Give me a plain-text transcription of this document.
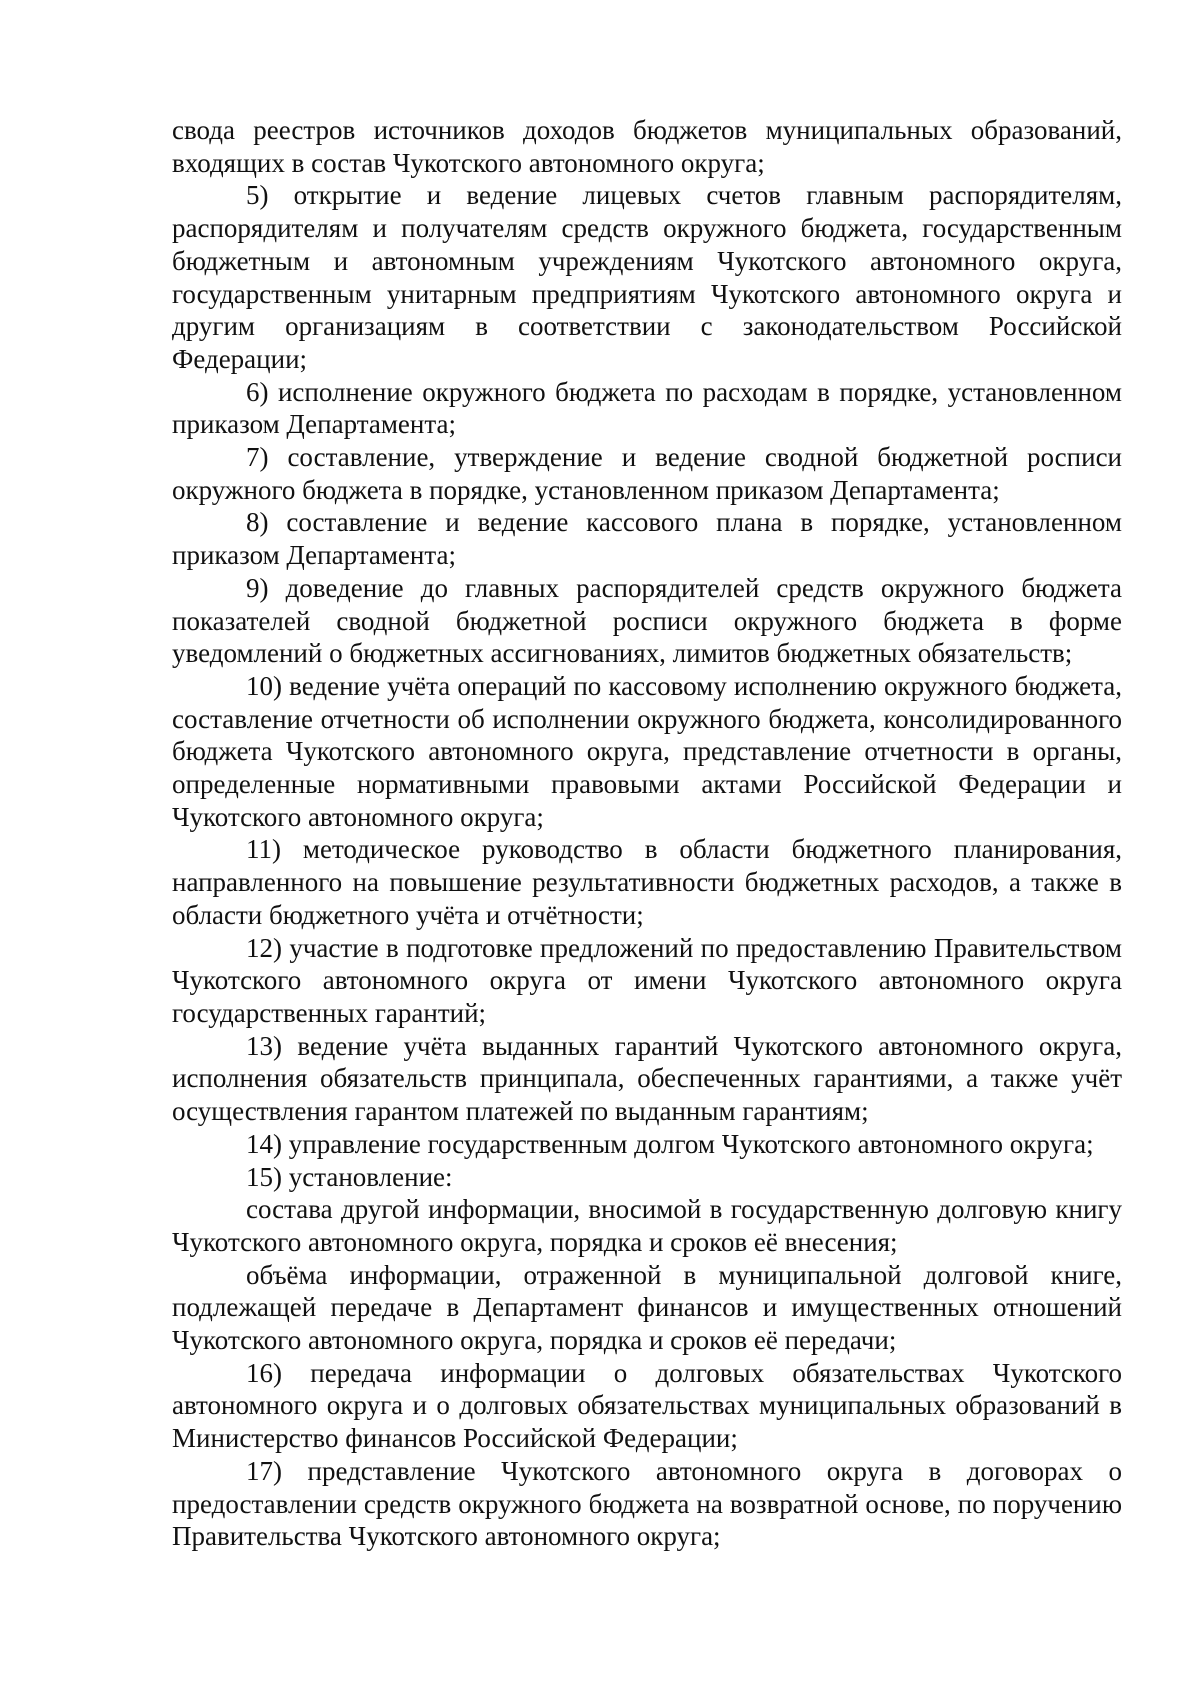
свода реестров источников доходов бюджетов муниципальных образований, входящих в состав Чукотского автономного округа;

5) открытие и ведение лицевых счетов главным распорядителям, распорядителям и получателям средств окружного бюджета, государственным бюджетным и автономным учреждениям Чукотского автономного округа, государственным унитарным предприятиям Чукотского автономного округа и другим организациям в соответствии с законодательством Российской Федерации;

6) исполнение окружного бюджета по расходам в порядке, установленном приказом Департамента;

7) составление, утверждение и ведение сводной бюджетной росписи окружного бюджета в порядке, установленном приказом Департамента;

8) составление и ведение кассового плана в порядке, установленном приказом Департамента;

9) доведение до главных распорядителей средств окружного бюджета показателей сводной бюджетной росписи окружного бюджета в форме уведомлений о бюджетных ассигнованиях, лимитов бюджетных обязательств;

10) ведение учёта операций по кассовому исполнению окружного бюджета, составление отчетности об исполнении окружного бюджета, консолидированного бюджета Чукотского автономного округа, представление отчетности в органы, определенные нормативными правовыми актами Российской Федерации и Чукотского автономного округа;

11) методическое руководство в области бюджетного планирования, направленного на повышение результативности бюджетных расходов, а также в области бюджетного учёта и отчётности;

12) участие в подготовке предложений по предоставлению Правительством Чукотского автономного округа от имени Чукотского автономного округа государственных гарантий;

13) ведение учёта выданных гарантий Чукотского автономного округа, исполнения обязательств принципала, обеспеченных гарантиями, а также учёт осуществления гарантом платежей по выданным гарантиям;

14) управление государственным долгом Чукотского автономного округа;

15) установление:

состава другой информации, вносимой в государственную долговую книгу Чукотского автономного округа, порядка и сроков её внесения;

объёма информации, отраженной в муниципальной долговой книге, подлежащей передаче в Департамент финансов и имущественных отношений Чукотского автономного округа, порядка и сроков её передачи;

16) передача информации о долговых обязательствах Чукотского автономного округа и о долговых обязательствах муниципальных образований в Министерство финансов Российской Федерации;

17) представление Чукотского автономного округа в договорах о предоставлении средств окружного бюджета на возвратной основе, по поручению Правительства Чукотского автономного округа;
